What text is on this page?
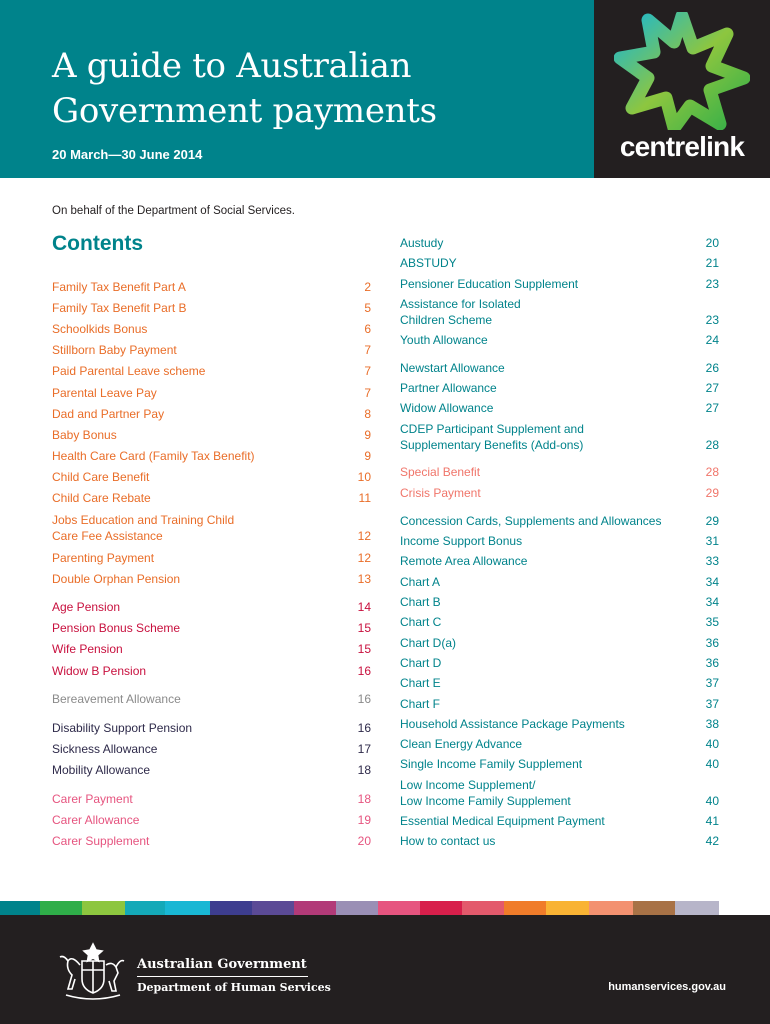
A guide to Australian
Government payments
20 March—30 June 2014	centrelink
On behalf of the Department of Social Services.
Contents
Family Tax Benefit Part A	2
Family Tax Benefit Part B	5
Schoolkids Bonus	6
Stillborn Baby Payment	7
Paid Parental Leave scheme	7
Parental Leave Pay	7
Dad and Partner Pay	8
Baby Bonus	9
Health Care Card (Family Tax Benefit)	9
Child Care Benefit	10
Child Care Rebate	11
Jobs Education and Training Child
Care Fee Assistance	12
Parenting Payment	12
Double Orphan Pension	13
Age Pension	14
Pension Bonus Scheme	15
Wife Pension	15
Widow B Pension	16
Bereavement Allowance	16
Disability Support Pension	16
Sickness Allowance	17
Mobility Allowance	18
Carer Payment	18
Carer Allowance	19
Carer Supplement	20
Austudy	20
ABSTUDY	21
Pensioner Education Supplement	23
Assistance for Isolated
Children Scheme	23
Youth Allowance	24
Newstart Allowance	26
Partner Allowance	27
Widow Allowance	27
CDEP Participant Supplement and
Supplementary Benefits (Add-ons)	28
Special Benefit	28
Crisis Payment	29
Concession Cards, Supplements and Allowances	29
Income Support Bonus	31
Remote Area Allowance	33
Chart A	34
Chart B	34
Chart C	35
Chart D(a)	36
Chart D	36
Chart E	37
Chart F	37
Household Assistance Package Payments	38
Clean Energy Advance	40
Single Income Family Supplement	40
Low Income Supplement/
Low Income Family Supplement	40
Essential Medical Equipment Payment	41
How to contact us	42
Australian Government
Department of Human Services	humanservices.gov.au
